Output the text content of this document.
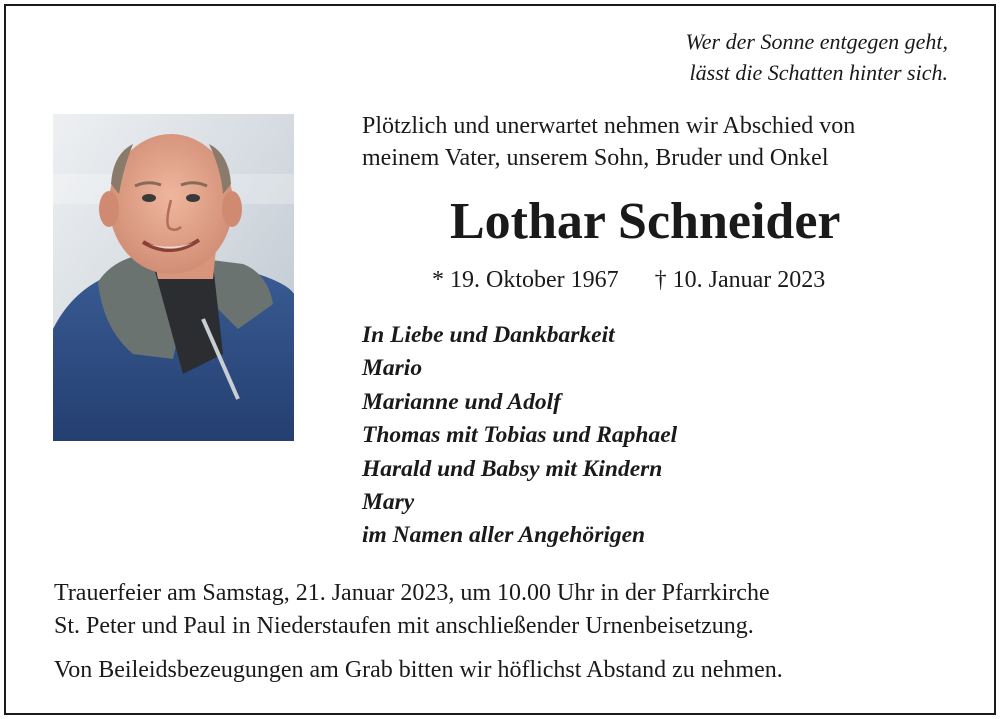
Wer der Sonne entgegen geht,
lässt die Schatten hinter sich.
Plötzlich und unerwartet nehmen wir Abschied von
meinem Vater, unserem Sohn, Bruder und Onkel
Lothar Schneider
* 19. Oktober 1967 † 10. Januar 2023
In Liebe und Dankbarkeit
Mario
Marianne und Adolf
Thomas mit Tobias und Raphael
Harald und Babsy mit Kindern
Mary
im Namen aller Angehörigen
Trauerfeier am Samstag, 21. Januar 2023, um 10.00 Uhr in der Pfarrkirche
St. Peter und Paul in Niederstaufen mit anschließender Urnenbeisetzung.
Von Beileidsbezeugungen am Grab bitten wir höflichst Abstand zu nehmen.
